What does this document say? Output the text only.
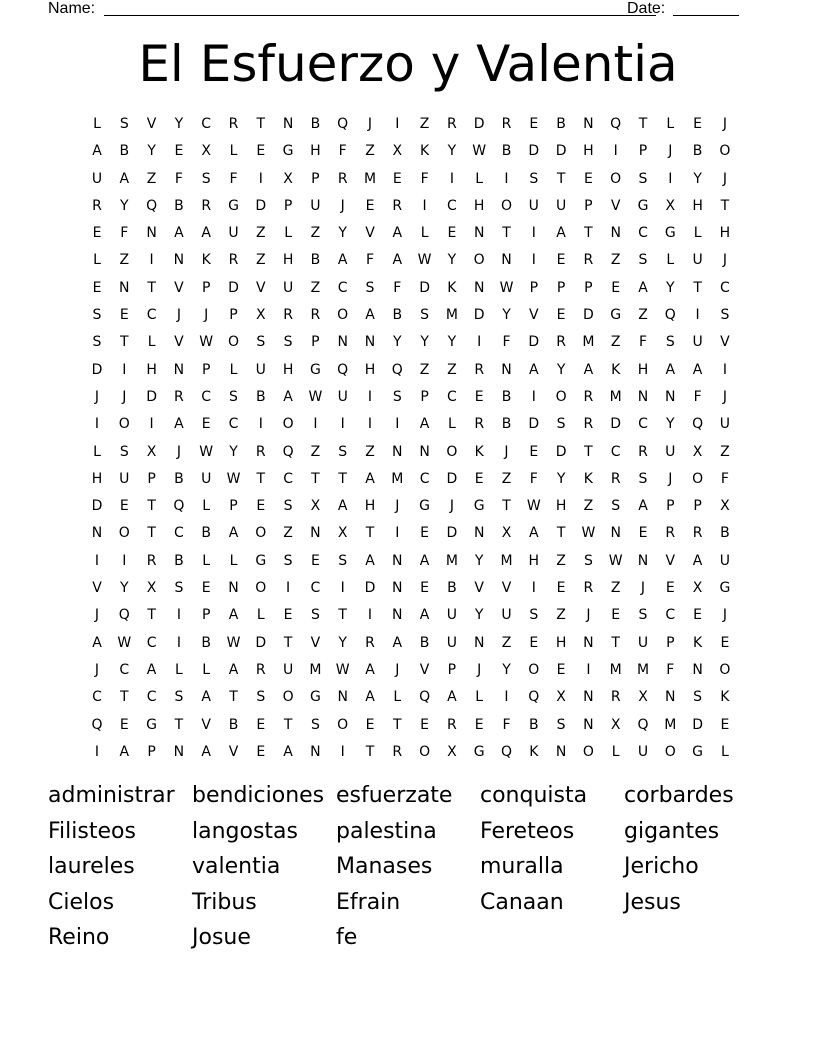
Name:	Date:
El Esfuerzo y Valentia
L	S	V	Y	C	R	T	N	B	Q	J	I	Z	R	D	R	E	B	N	Q	T	L	E	J
A	B	Y	E	X	L	E	G	H	F	Z	X	K	Y	W	B	D	D	H	I	P	J	B	O
U	A	Z	F	S	F	I	X	P	R	M	E	F	I	L	I	S	T	E	O	S	I	Y	J
R	Y	Q	B	R	G	D	P	U	J	E	R	I	C	H	O	U	U	P	V	G	X	H	T
E	F	N	A	A	U	Z	L	Z	Y	V	A	L	E	N	T	I	A	T	N	C	G	L	H
L	Z	I	N	K	R	Z	H	B	A	F	A	W	Y	O	N	I	E	R	Z	S	L	U	J
E	N	T	V	P	D	V	U	Z	C	S	F	D	K	N	W	P	P	P	E	A	Y	T	C
S	E	C	J	J	P	X	R	R	O	A	B	S	M	D	Y	V	E	D	G	Z	Q	I	S
S	T	L	V	W	O	S	S	P	N	N	Y	Y	Y	I	F	D	R	M	Z	F	S	U	V
D	I	H	N	P	L	U	H	G	Q	H	Q	Z	Z	R	N	A	Y	A	K	H	A	A	I
J	J	D	R	C	S	B	A	W	U	I	S	P	C	E	B	I	O	R	M	N	N	F	J
I	O	I	A	E	C	I	O	I	I	I	I	A	L	R	B	D	S	R	D	C	Y	Q	U
L	S	X	J	W	Y	R	Q	Z	S	Z	N	N	O	K	J	E	D	T	C	R	U	X	Z
H	U	P	B	U	W	T	C	T	T	A	M	C	D	E	Z	F	Y	K	R	S	J	O	F
D	E	T	Q	L	P	E	S	X	A	H	J	G	J	G	T	W	H	Z	S	A	P	P	X
N	O	T	C	B	A	O	Z	N	X	T	I	E	D	N	X	A	T	W	N	E	R	R	B
I	I	R	B	L	L	G	S	E	S	A	N	A	M	Y	M	H	Z	S	W	N	V	A	U
V	Y	X	S	E	N	O	I	C	I	D	N	E	B	V	V	I	E	R	Z	J	E	X	G
J	Q	T	I	P	A	L	E	S	T	I	N	A	U	Y	U	S	Z	J	E	S	C	E	J
A	W	C	I	B	W	D	T	V	Y	R	A	B	U	N	Z	E	H	N	T	U	P	K	E
J	C	A	L	L	A	R	U	M	W	A	J	V	P	J	Y	O	E	I	M	M	F	N	O
C	T	C	S	A	T	S	O	G	N	A	L	Q	A	L	I	Q	X	N	R	X	N	S	K
Q	E	G	T	V	B	E	T	S	O	E	T	E	R	E	F	B	S	N	X	Q	M	D	E
I	A	P	N	A	V	E	A	N	I	T	R	O	X	G	Q	K	N	O	L	U	O	G	L
administrar bendiciones esfuerzate conquista corbardes
Filisteos	langostas palestina Fereteos gigantes
laureles	valentia	Manases muralla	Jericho
Cielos	Tribus	Efrain	Canaan	Jesus
Reino	Josue	fe
